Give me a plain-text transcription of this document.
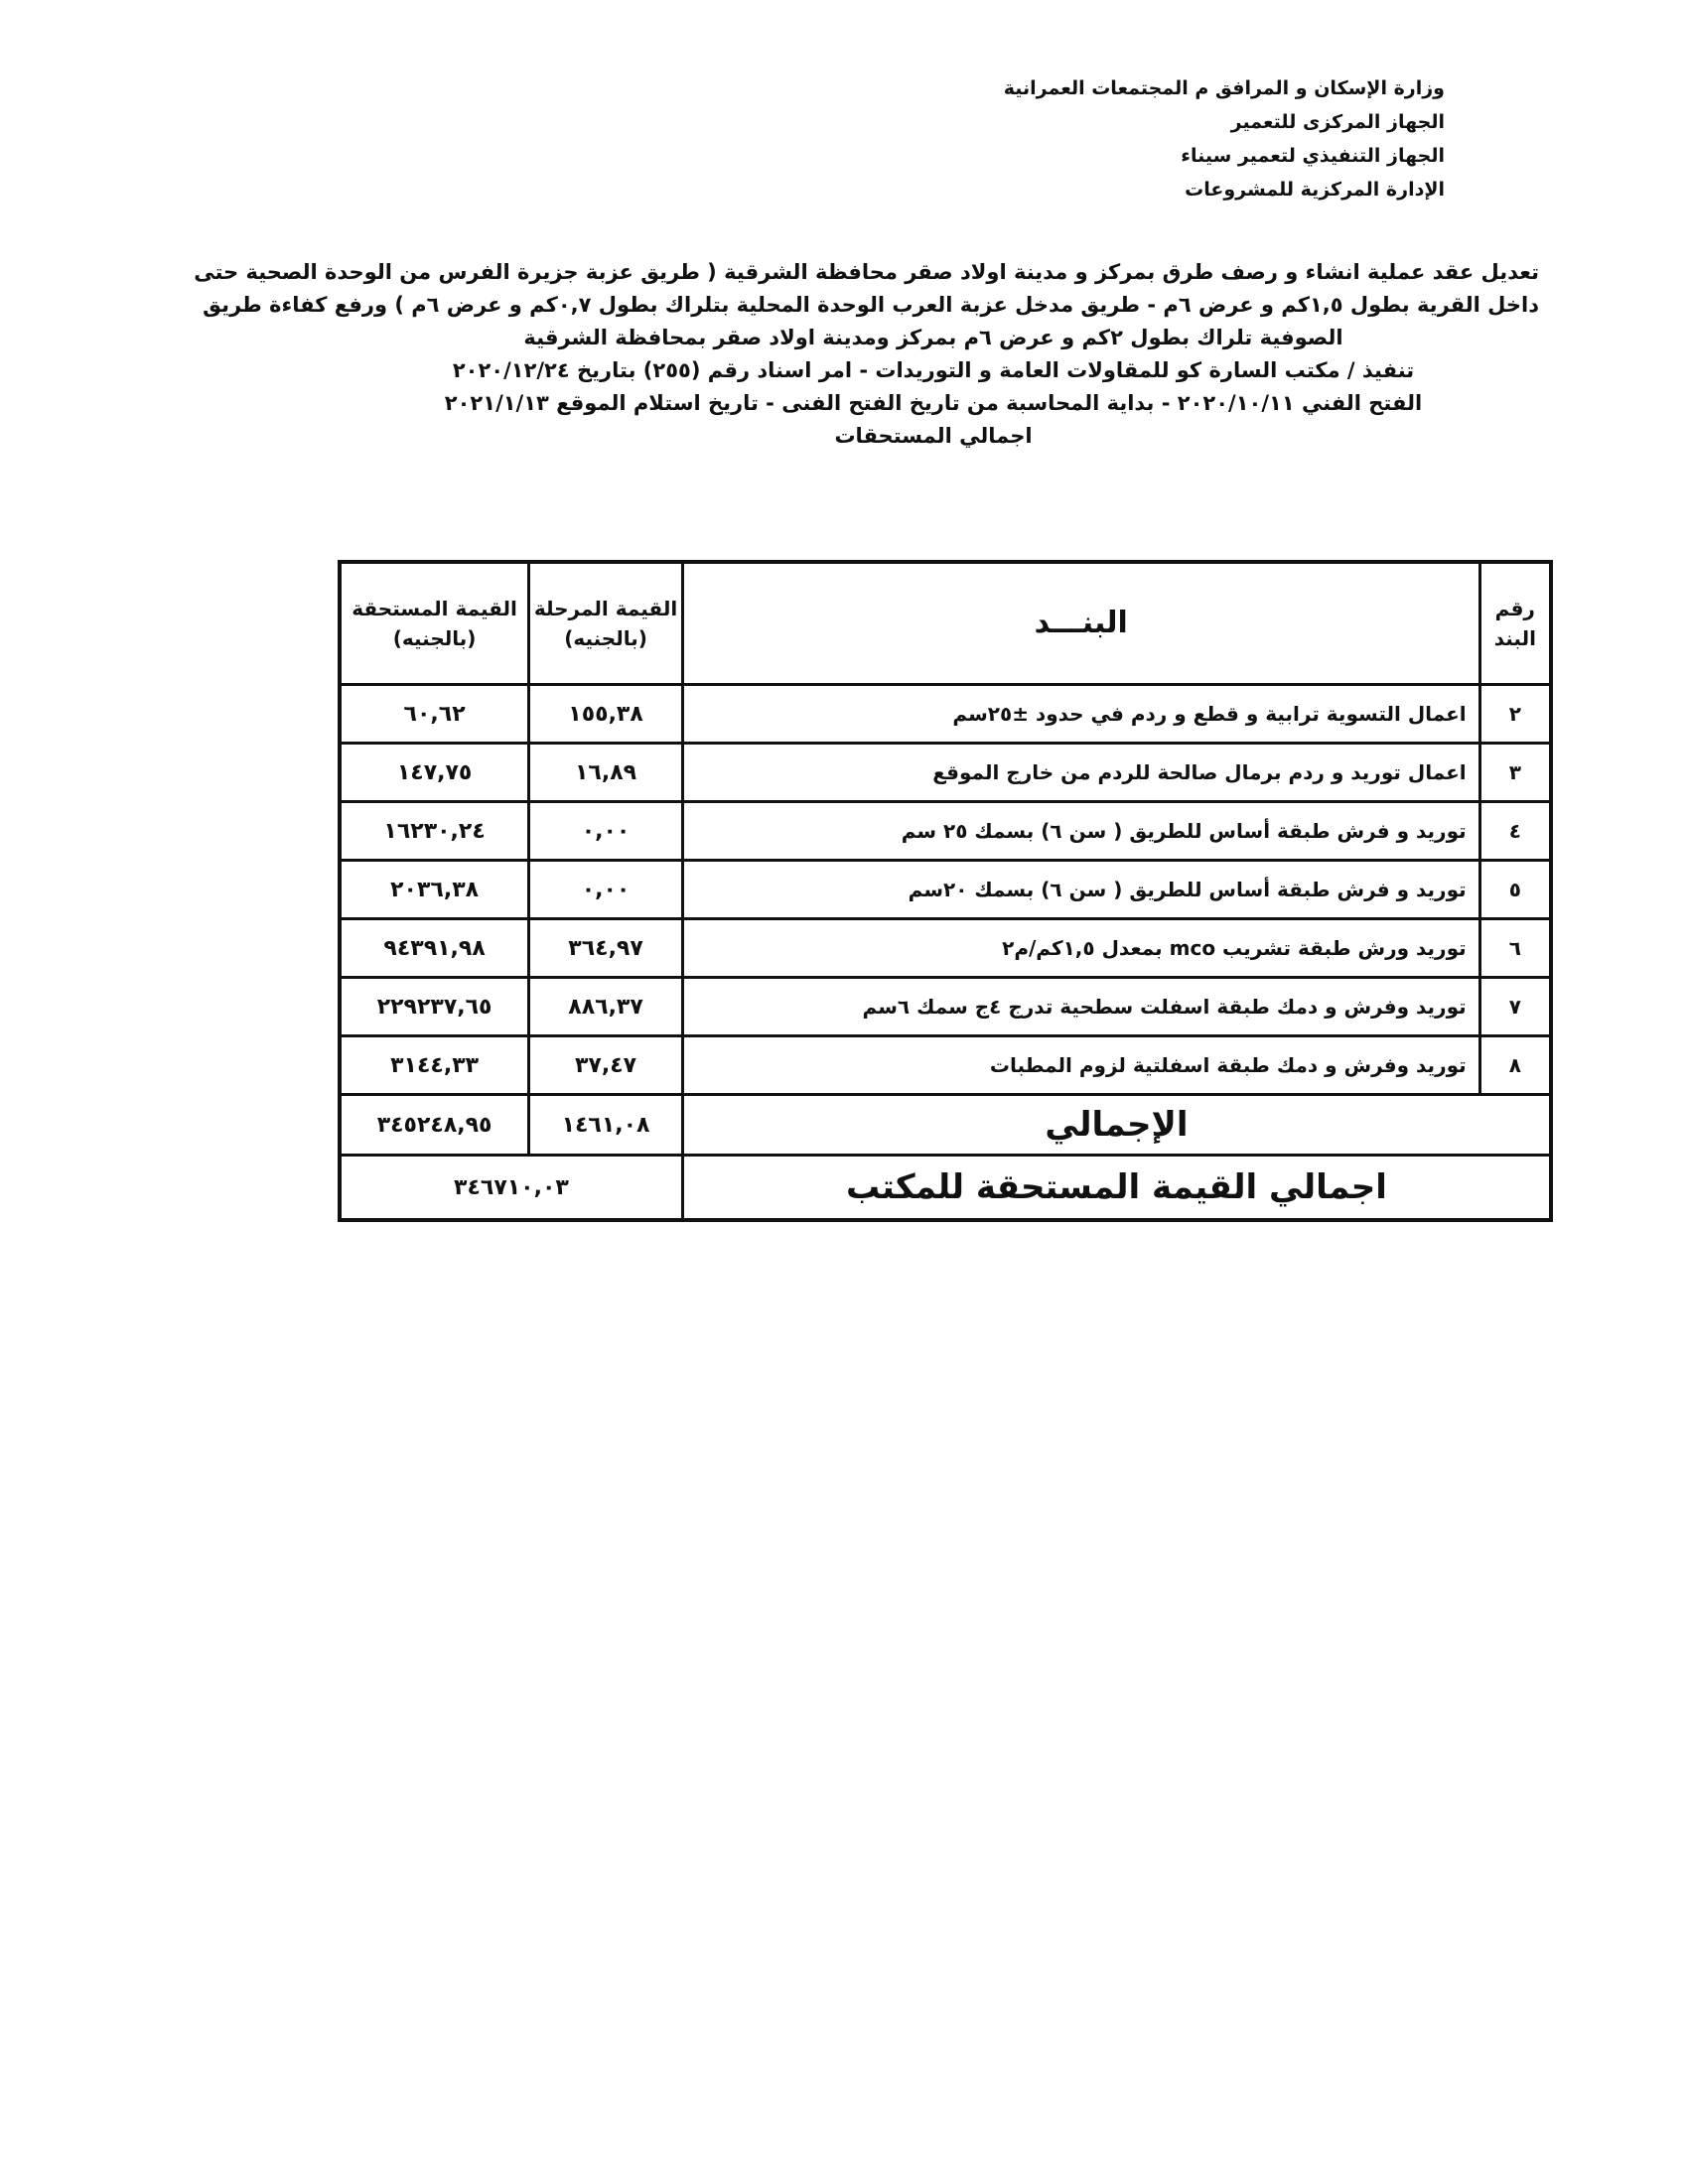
وزارة الإسكان و المرافق م المجتمعات العمرانية
الجهاز المركزى للتعمير
الجهاز التنفيذي لتعمير سيناء
الإدارة المركزية للمشروعات
تعديل عقد عملية انشاء و رصف طرق بمركز و مدينة اولاد صقر محافظة الشرقية ( طريق عزبة جزيرة الفرس من الوحدة الصحية حتى
داخل القرية بطول ١,٥كم و عرض ٦م - طريق مدخل عزبة العرب الوحدة المحلية بتلراك بطول ٠,٧كم و عرض ٦م ) ورفع كفاءة طريق
الصوفية تلراك بطول ٢كم و عرض ٦م بمركز ومدينة اولاد صقر بمحافظة الشرقية
تنفيذ / مكتب السارة كو للمقاولات العامة و التوريدات - امر اسناد رقم (٢٥٥) بتاريخ ٢٠٢٠/١٢/٢٤
الفتح الفني ٢٠٢٠/١٠/١١ - بداية المحاسبة من تاريخ الفتح الفنى - تاريخ استلام الموقع ٢٠٢١/١/١٣
اجمالي المستحقات
رقم البند	البنـــد	القيمة المرحلة (بالجنيه)	القيمة المستحقة (بالجنيه)
٢	اعمال التسوية ترابية و قطع و ردم في حدود ±٢٥سم	١٥٥,٣٨	٦٠,٦٢
٣	اعمال توريد و ردم برمال صالحة للردم من خارج الموقع	١٦,٨٩	١٤٧,٧٥
٤	توريد و فرش طبقة أساس للطريق ( سن ٦) بسمك ٢٥ سم	٠,٠٠	١٦٢٣٠,٢٤
٥	توريد و فرش طبقة أساس للطريق ( سن ٦) بسمك ٢٠سم	٠,٠٠	٢٠٣٦,٣٨
٦	توريد ورش طبقة تشريب mco بمعدل ١,٥كم/م٢	٣٦٤,٩٧	٩٤٣٩١,٩٨
٧	توريد وفرش و دمك طبقة اسفلت سطحية تدرج ٤ج سمك ٦سم	٨٨٦,٣٧	٢٢٩٢٣٧,٦٥
٨	توريد وفرش و دمك طبقة اسفلتية لزوم المطبات	٣٧,٤٧	٣١٤٤,٣٣
الإجمالي		١٤٦١,٠٨	٣٤٥٢٤٨,٩٥
اجمالي القيمة المستحقة للمكتب		٣٤٦٧١٠,٠٣	
